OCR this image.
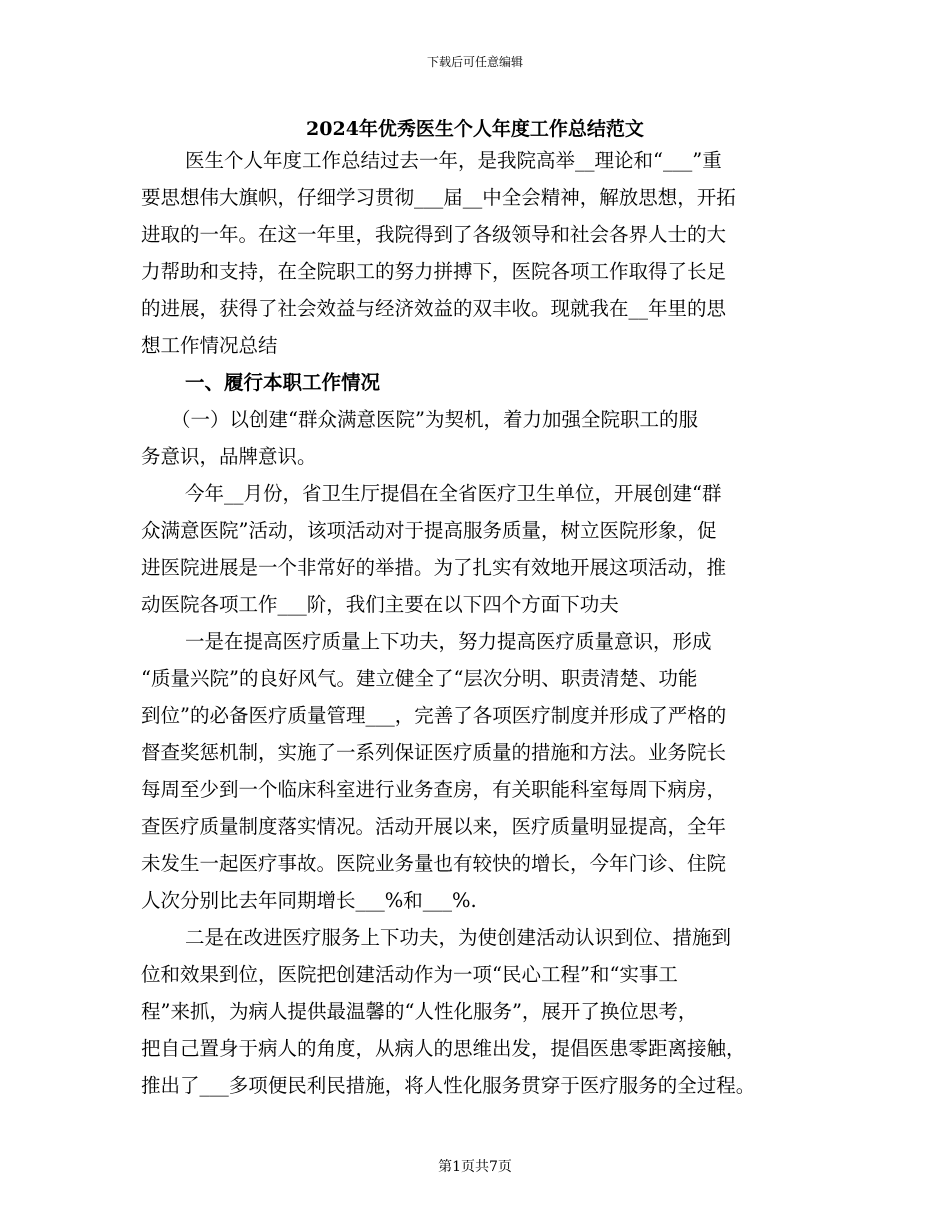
下载后可任意编辑
2024年优秀医生个人年度工作总结范文
医生个人年度工作总结过去一年，是我院高举__理论和“___”重
要思想伟大旗帜，仔细学习贯彻___届__中全会精神，解放思想，开拓
进取的一年。在这一年里，我院得到了各级领导和社会各界人士的大
力帮助和支持，在全院职工的努力拼搏下，医院各项工作取得了长足
的进展，获得了社会效益与经济效益的双丰收。现就我在__年里的思
想工作情况总结
一、履行本职工作情况
（一）以创建“群众满意医院”为契机，着力加强全院职工的服
务意识，品牌意识。
今年__月份，省卫生厅提倡在全省医疗卫生单位，开展创建“群
众满意医院”活动，该项活动对于提高服务质量，树立医院形象，促
进医院进展是一个非常好的举措。为了扎实有效地开展这项活动，推
动医院各项工作___阶，我们主要在以下四个方面下功夫
一是在提高医疗质量上下功夫，努力提高医疗质量意识，形成
“质量兴院”的良好风气。建立健全了“层次分明、职责清楚、功能
到位”的必备医疗质量管理___，完善了各项医疗制度并形成了严格的
督查奖惩机制，实施了一系列保证医疗质量的措施和方法。业务院长
每周至少到一个临床科室进行业务查房，有关职能科室每周下病房，
查医疗质量制度落实情况。活动开展以来，医疗质量明显提高，全年
未发生一起医疗事故。医院业务量也有较快的增长，今年门诊、住院
人次分别比去年同期增长___%和___%.
二是在改进医疗服务上下功夫，为使创建活动认识到位、措施到
位和效果到位，医院把创建活动作为一项“民心工程”和“实事工
程”来抓，为病人提供最温馨的“人性化服务”，展开了换位思考，
把自己置身于病人的角度，从病人的思维出发，提倡医患零距离接触，
推出了___多项便民利民措施，将人性化服务贯穿于医疗服务的全过程。
第1页共7页
